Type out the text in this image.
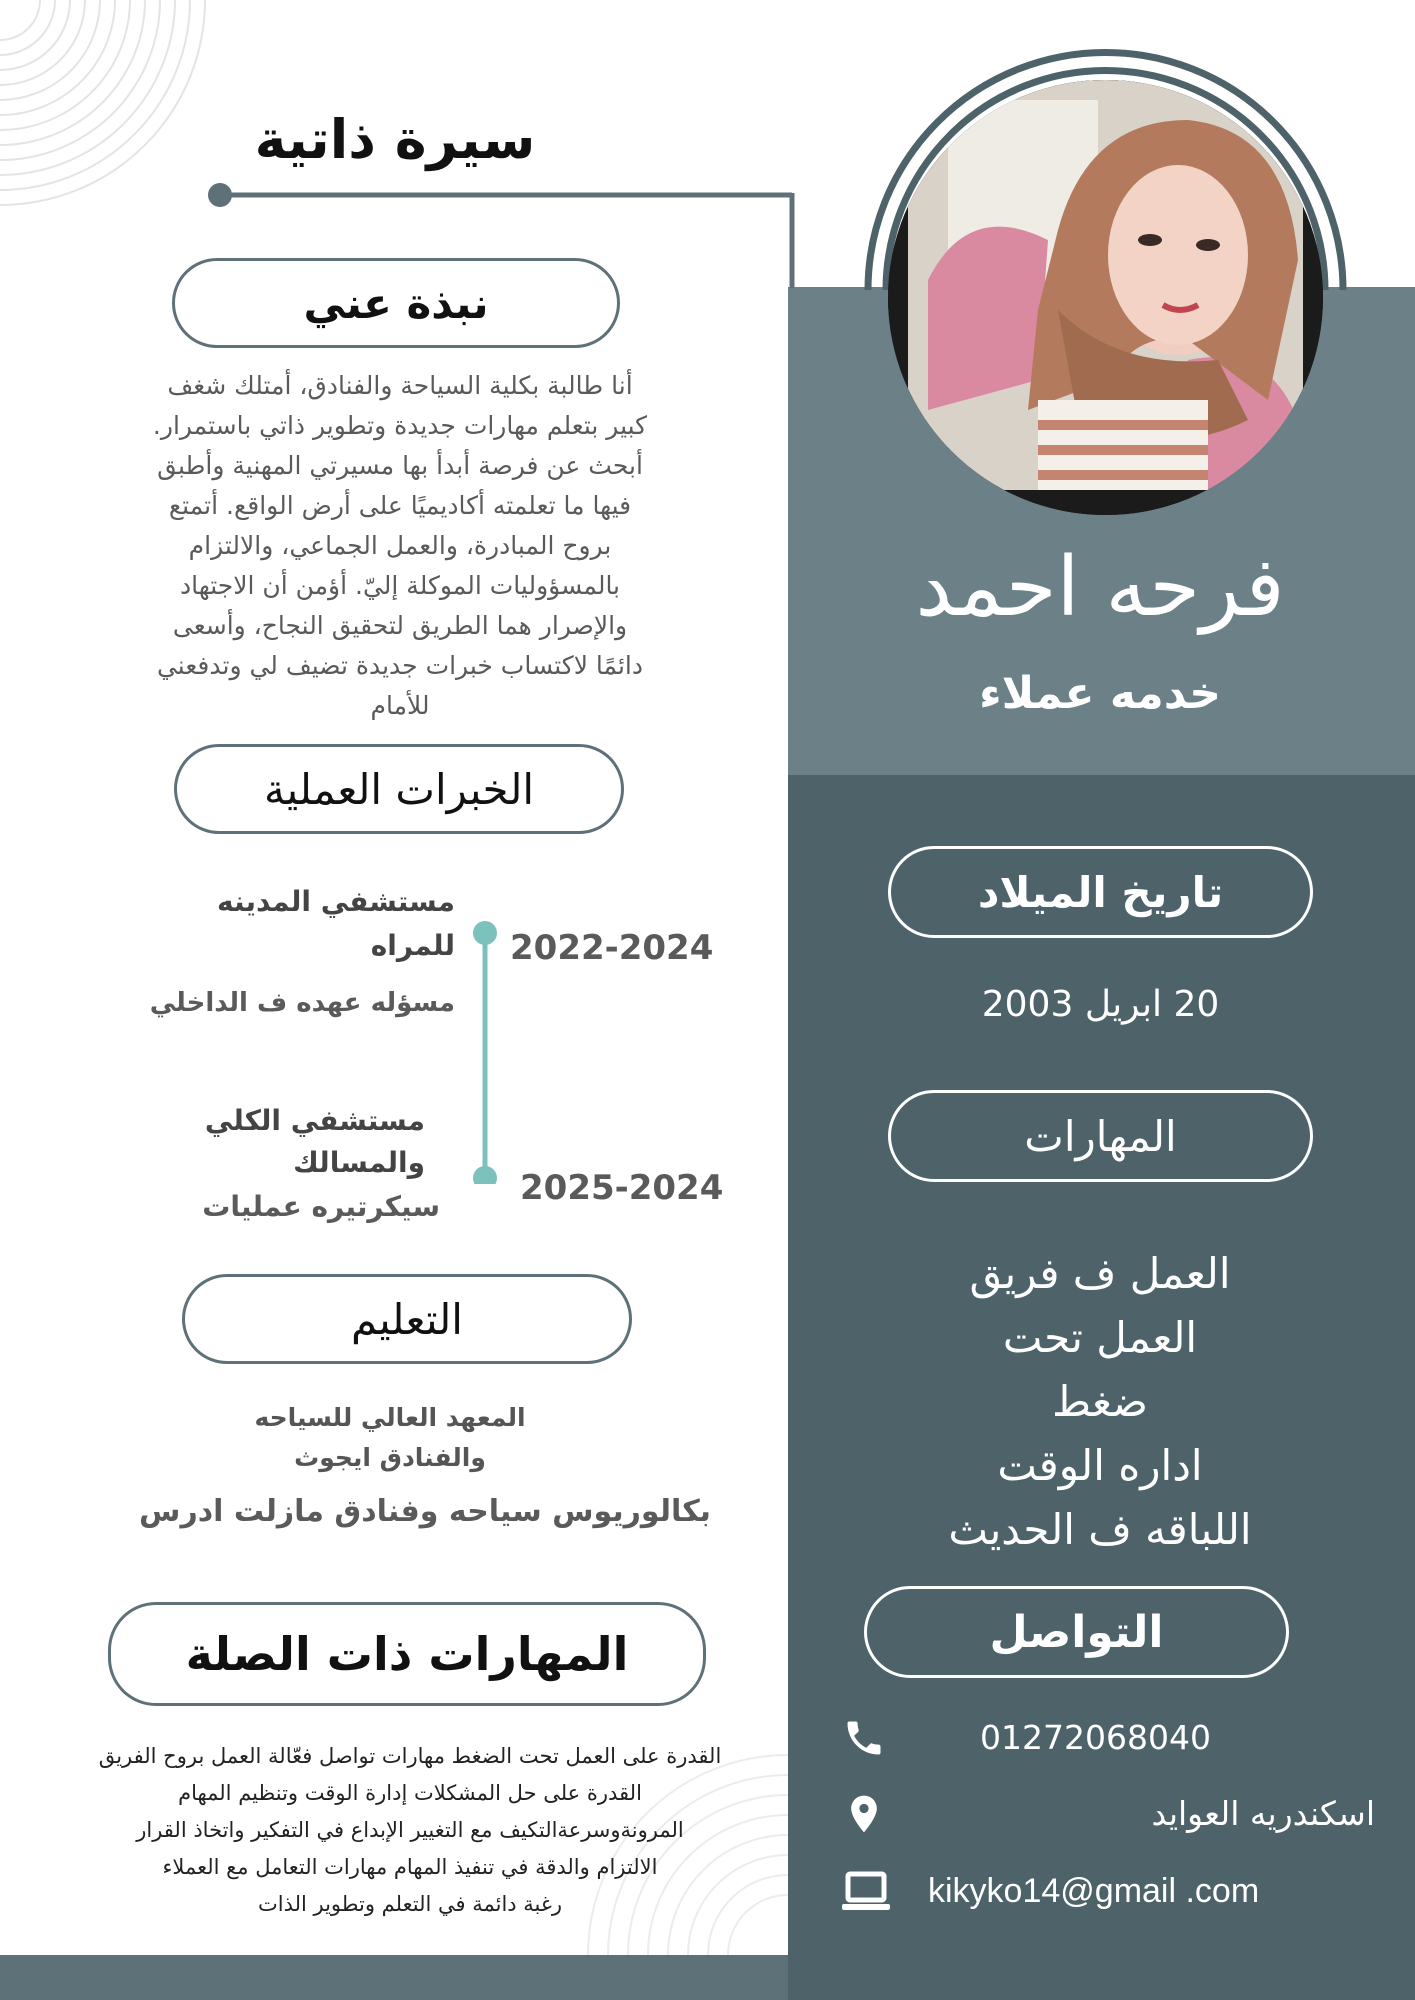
سيرة ذاتية
فرحه احمد
خدمه عملاء
نبذة عني
أنا طالبة بكلية السياحة والفنادق، أمتلك شغف
كبير بتعلم مهارات جديدة وتطوير ذاتي باستمرار.
أبحث عن فرصة أبدأ بها مسيرتي المهنية وأطبق
فيها ما تعلمته أكاديميًا على أرض الواقع. أتمتع
بروح المبادرة، والعمل الجماعي، والالتزام
بالمسؤوليات الموكلة إليّ. أؤمن أن الاجتهاد
والإصرار هما الطريق لتحقيق النجاح، وأسعى
دائمًا لاكتساب خبرات جديدة تضيف لي وتدفعني
للأمام
الخبرات العملية
مستشفي المدينه
للمراه 2022-2024
مسؤله عهده ف الداخلي
مستشفي الكلي
والمسالك
2025-2024
سيكرتيره عمليات
التعليم
المعهد العالي للسياحه
والفنادق ايجوث
بكالوريوس سياحه وفنادق مازلت ادرس
المهارات ذات الصلة
القدرة على العمل تحت الضغط مهارات تواصل فعّالة العمل بروح الفريق
القدرة على حل المشكلات إدارة الوقت وتنظيم المهام
المرونةوسرعةالتكيف مع التغيير الإبداع في التفكير واتخاذ القرار
الالتزام والدقة في تنفيذ المهام مهارات التعامل مع العملاء
رغبة دائمة في التعلم وتطوير الذات
تاريخ الميلاد
20 ابريل 2003
المهارات
العمل ف فريق
العمل تحت
ضغط
اداره الوقت
اللباقه ف الحديث
التواصل
01272068040
اسكندريه العوايد
kikyko14@gmail .com
